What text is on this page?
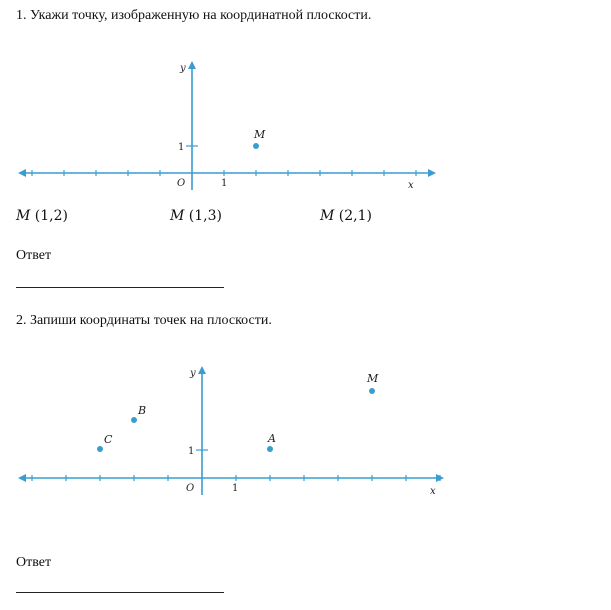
1. Укажи точку, изображенную на координатной плоскости.
y
x
O	1
1
M
M (1,2)	M (1,3)	M (2,1)
Ответ
2. Запиши координаты точек на плоскости.
y
x
O	1
1
M
B
C	A
Ответ
